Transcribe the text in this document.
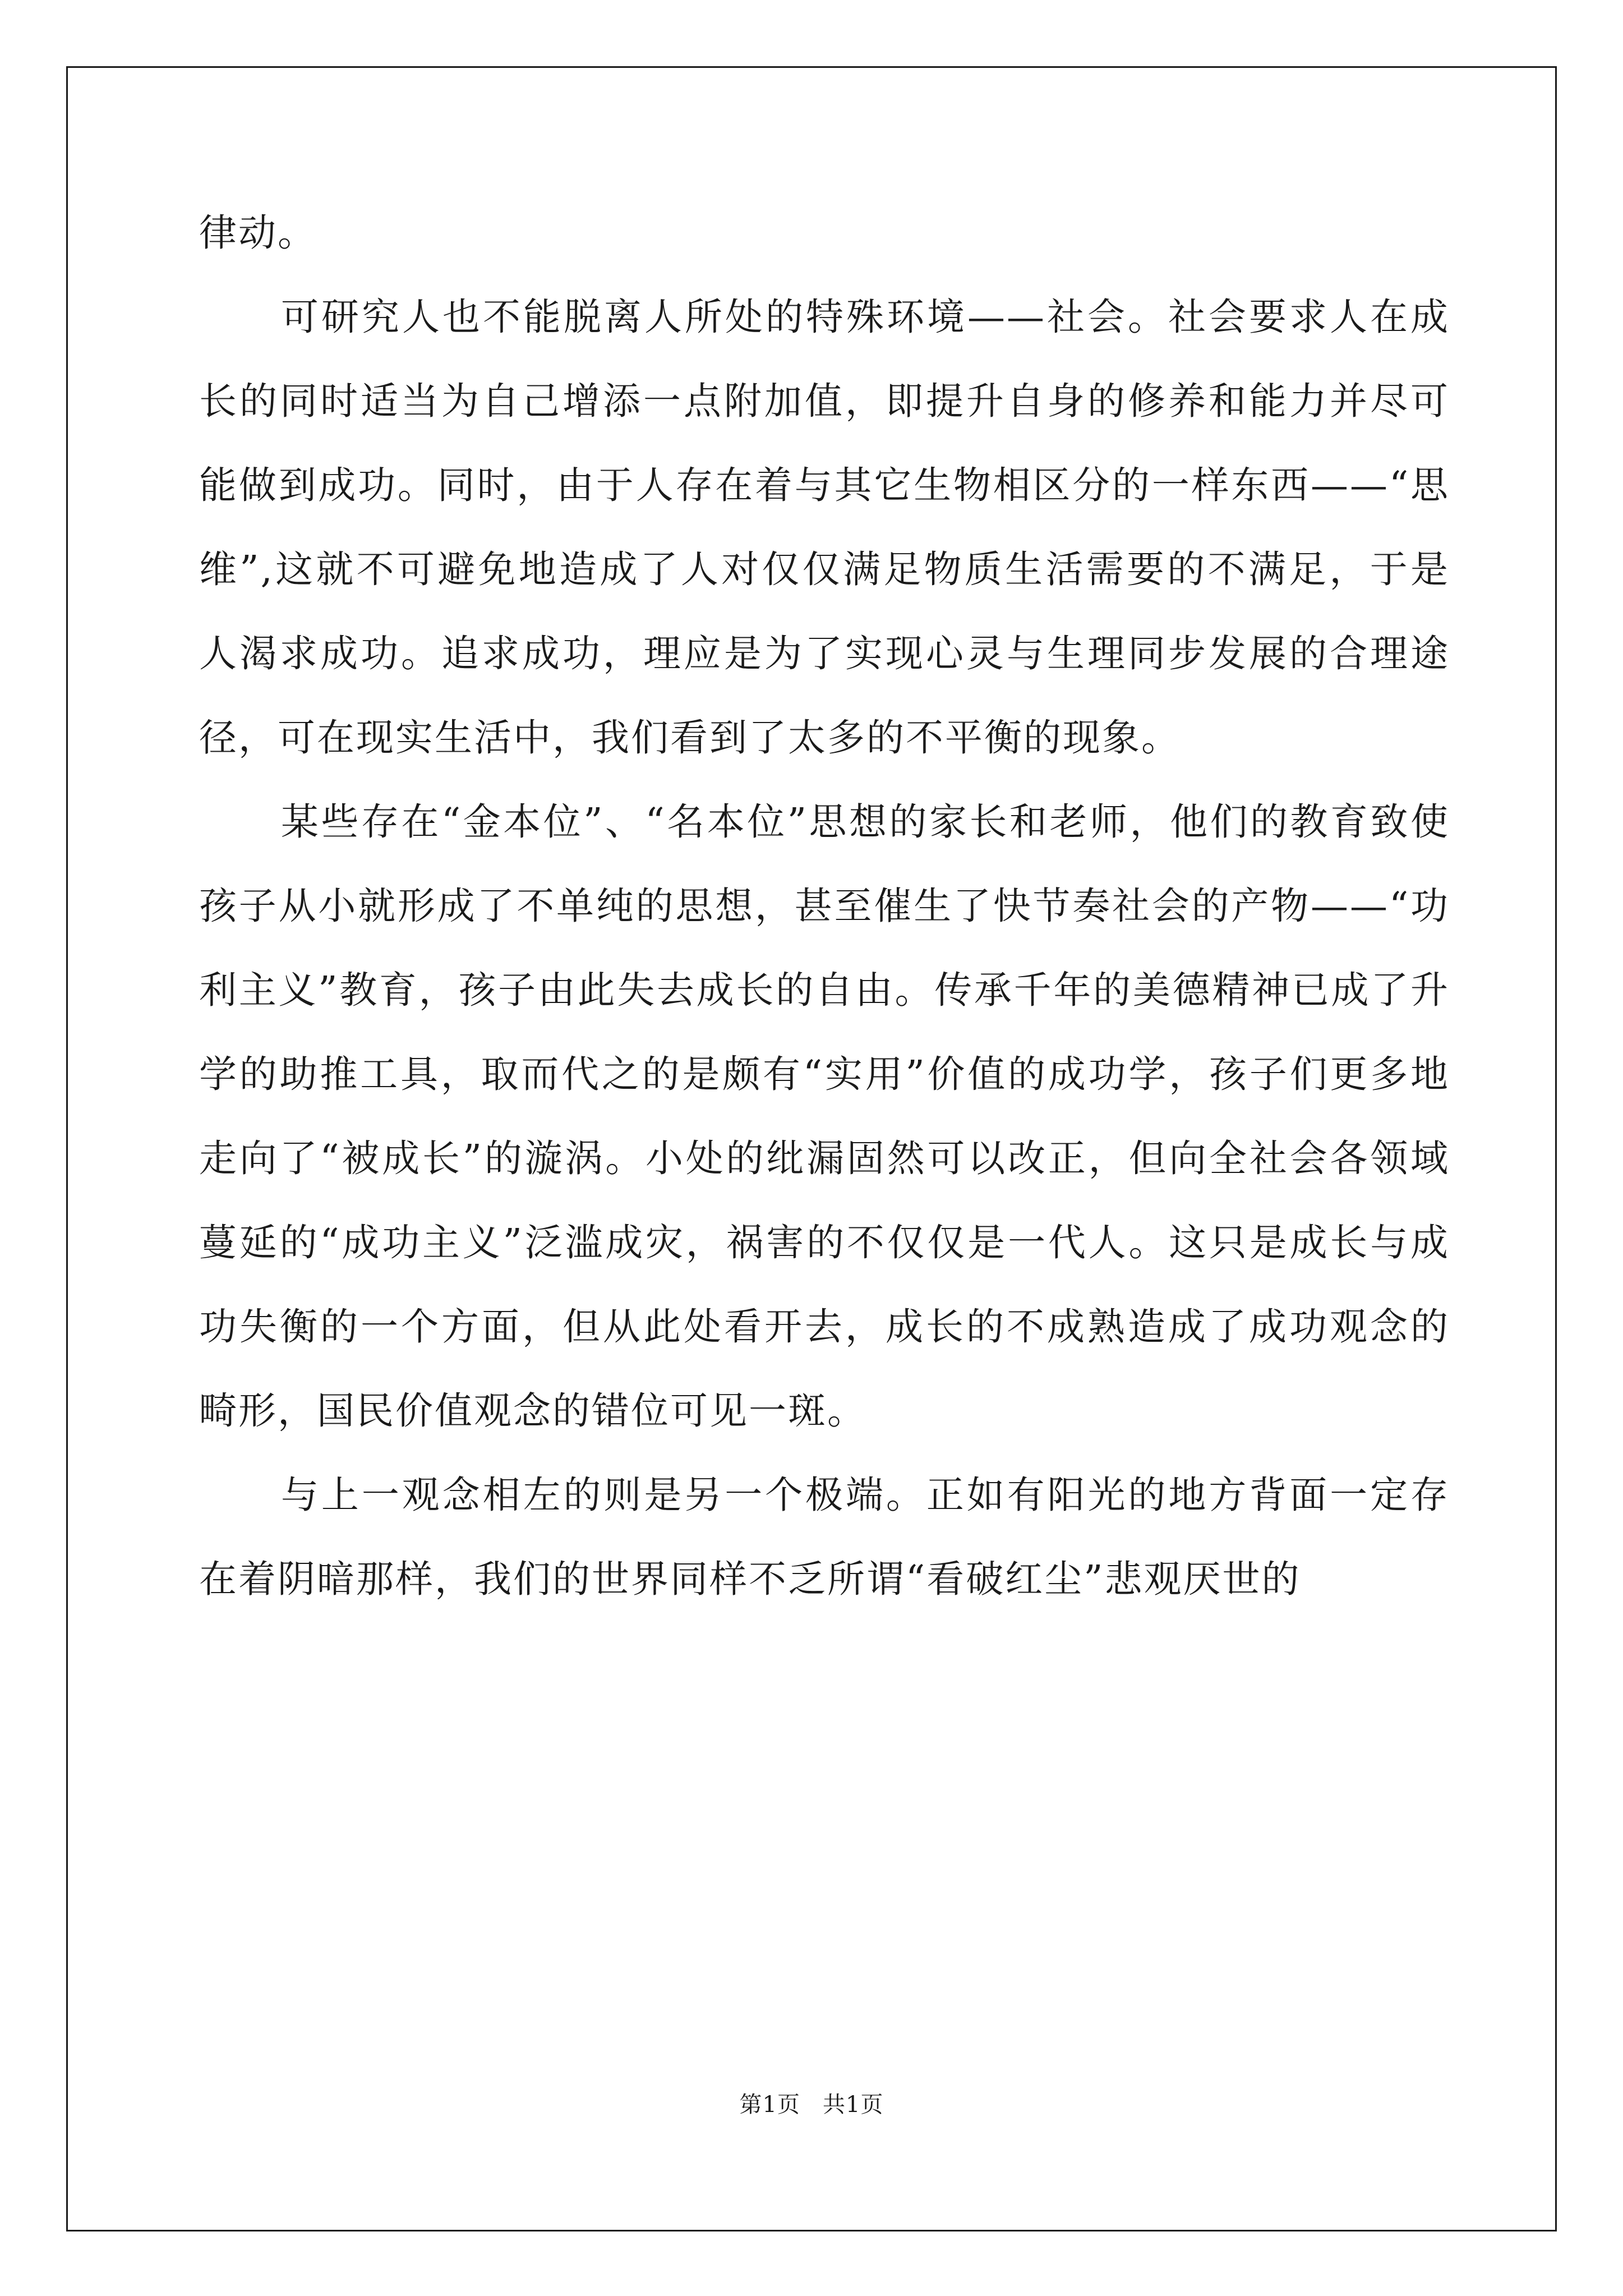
律动。

可研究人也不能脱离人所处的特殊环境——社会。社会要求人在成长的同时适当为自己增添一点附加值，即提升自身的修养和能力并尽可能做到成功。同时，由于人存在着与其它生物相区分的一样东西——“思维”,这就不可避免地造成了人对仅仅满足物质生活需要的不满足，于是人渴求成功。追求成功，理应是为了实现心灵与生理同步发展的合理途径，可在现实生活中，我们看到了太多的不平衡的现象。

某些存在“金本位”、“名本位”思想的家长和老师，他们的教育致使孩子从小就形成了不单纯的思想，甚至催生了快节奏社会的产物——“功利主义”教育，孩子由此失去成长的自由。传承千年的美德精神已成了升学的助推工具，取而代之的是颇有“实用”价值的成功学，孩子们更多地走向了“被成长”的漩涡。小处的纰漏固然可以改正，但向全社会各领域蔓延的“成功主义”泛滥成灾，祸害的不仅仅是一代人。这只是成长与成功失衡的一个方面，但从此处看开去，成长的不成熟造成了成功观念的畸形，国民价值观念的错位可见一斑。

与上一观念相左的则是另一个极端。正如有阳光的地方背面一定存在着阴暗那样，我们的世界同样不乏所谓“看破红尘”悲观厌世的

第1页 共1页
